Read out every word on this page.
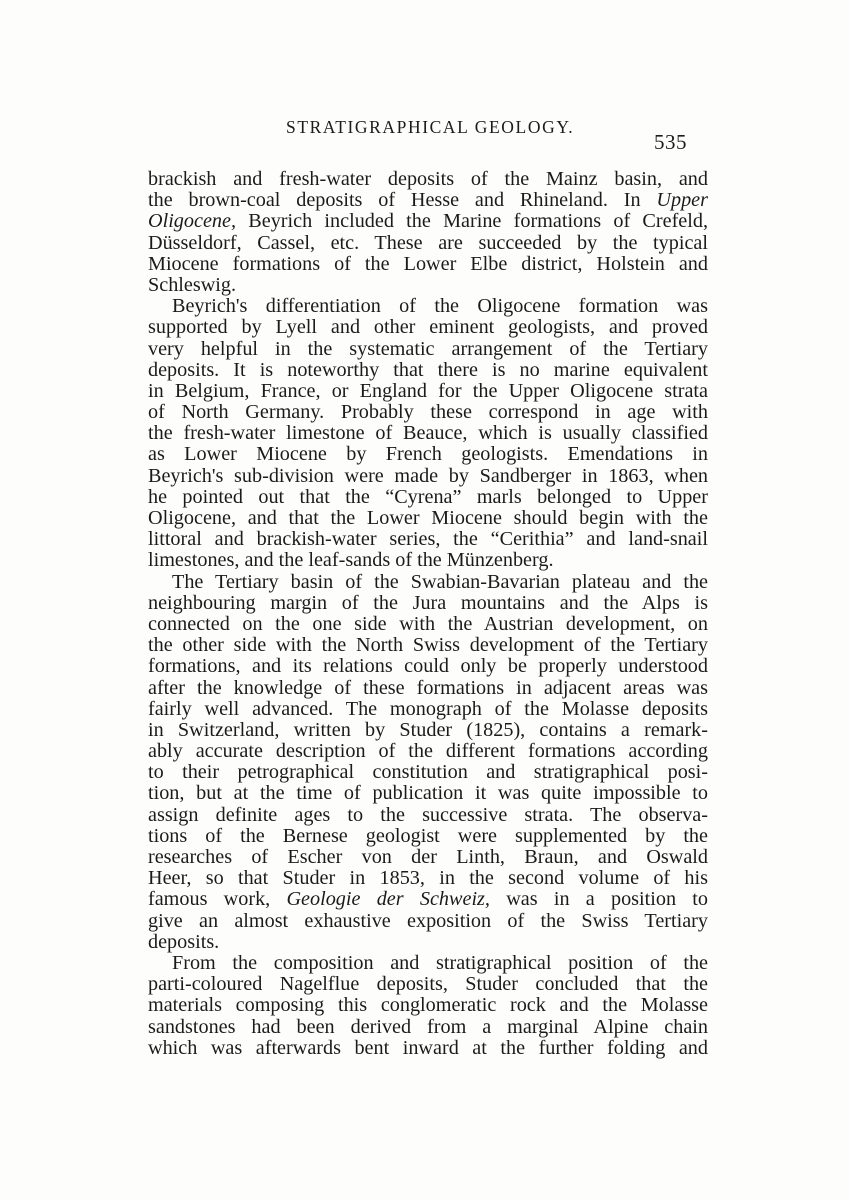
STRATIGRAPHICAL GEOLOGY.
535
brackish and fresh-water deposits of the Mainz basin, and
the brown-coal deposits of Hesse and Rhineland. In Upper
Oligocene, Beyrich included the Marine formations of Crefeld,
Düsseldorf, Cassel, etc. These are succeeded by the typical
Miocene formations of the Lower Elbe district, Holstein and
Schleswig.
Beyrich's differentiation of the Oligocene formation was
supported by Lyell and other eminent geologists, and proved
very helpful in the systematic arrangement of the Tertiary
deposits. It is noteworthy that there is no marine equivalent
in Belgium, France, or England for the Upper Oligocene strata
of North Germany. Probably these correspond in age with
the fresh-water limestone of Beauce, which is usually classified
as Lower Miocene by French geologists. Emendations in
Beyrich's sub-division were made by Sandberger in 1863, when
he pointed out that the “Cyrena” marls belonged to Upper
Oligocene, and that the Lower Miocene should begin with the
littoral and brackish-water series, the “Cerithia” and land-snail
limestones, and the leaf-sands of the Münzenberg.
The Tertiary basin of the Swabian-Bavarian plateau and the
neighbouring margin of the Jura mountains and the Alps is
connected on the one side with the Austrian development, on
the other side with the North Swiss development of the Tertiary
formations, and its relations could only be properly understood
after the knowledge of these formations in adjacent areas was
fairly well advanced. The monograph of the Molasse deposits
in Switzerland, written by Studer (1825), contains a remark-
ably accurate description of the different formations according
to their petrographical constitution and stratigraphical posi-
tion, but at the time of publication it was quite impossible to
assign definite ages to the successive strata. The observa-
tions of the Bernese geologist were supplemented by the
researches of Escher von der Linth, Braun, and Oswald
Heer, so that Studer in 1853, in the second volume of his
famous work, Geologie der Schweiz, was in a position to
give an almost exhaustive exposition of the Swiss Tertiary
deposits.
From the composition and stratigraphical position of the
parti-coloured Nagelflue deposits, Studer concluded that the
materials composing this conglomeratic rock and the Molasse
sandstones had been derived from a marginal Alpine chain
which was afterwards bent inward at the further folding and
